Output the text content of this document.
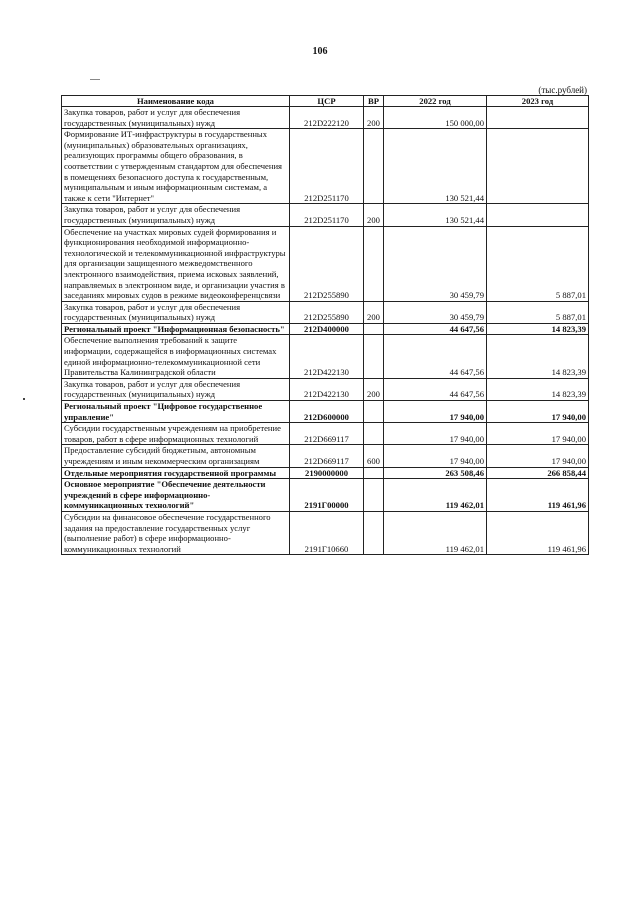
106
(тыс.рублей)
Наименование кода	ЦСР	ВР	2022 год	2023 год
Закупка товаров, работ и услуг для обеспечения государственных (муниципальных) нужд	212D222120	200	150 000,00	
Формирование ИТ-инфраструктуры в государственных (муниципальных) образовательных организациях, реализующих программы общего образования, в соответствии с утвержденным стандартом для обеспечения в помещениях безопасного доступа к государственным, муниципальным и иным информационным системам, а также к сети "Интернет"	212D251170		130 521,44	
Закупка товаров, работ и услуг для обеспечения государственных (муниципальных) нужд	212D251170	200	130 521,44	
Обеспечение на участках мировых судей формирования и функционирования необходимой информационно-технологической и телекоммуникационной инфраструктуры для организации защищенного межведомственного электронного взаимодействия, приема исковых заявлений, направляемых в электронном виде, и организации участия в заседаниях мировых судов в режиме видеоконференцсвязи	212D255890		30 459,79	5 887,01
Закупка товаров, работ и услуг для обеспечения государственных (муниципальных) нужд	212D255890	200	30 459,79	5 887,01
Региональный проект "Информационная безопасность"	212D400000		44 647,56	14 823,39
Обеспечение выполнения требований к защите информации, содержащейся в информационных системах единой информационно-телекоммуникационной сети Правительства Калининградской области	212D422130		44 647,56	14 823,39
Закупка товаров, работ и услуг для обеспечения государственных (муниципальных) нужд	212D422130	200	44 647,56	14 823,39
Региональный проект "Цифровое государственное управление"	212D600000		17 940,00	17 940,00
Субсидии государственным учреждениям на приобретение товаров, работ в сфере информационных технологий	212D669117		17 940,00	17 940,00
Предоставление субсидий бюджетным, автономным учреждениям и иным некоммерческим организациям	212D669117	600	17 940,00	17 940,00
Отдельные мероприятия государственной программы	2190000000		263 508,46	266 858,44
Основное мероприятие "Обеспечение деятельности учреждений в сфере информационно-коммуникационных технологий"	2191Г00000		119 462,01	119 461,96
Субсидии на финансовое обеспечение государственного задания на предоставление государственных услуг (выполнение работ) в сфере информационно-коммуникационных технологий	2191Г10660		119 462,01	119 461,96
